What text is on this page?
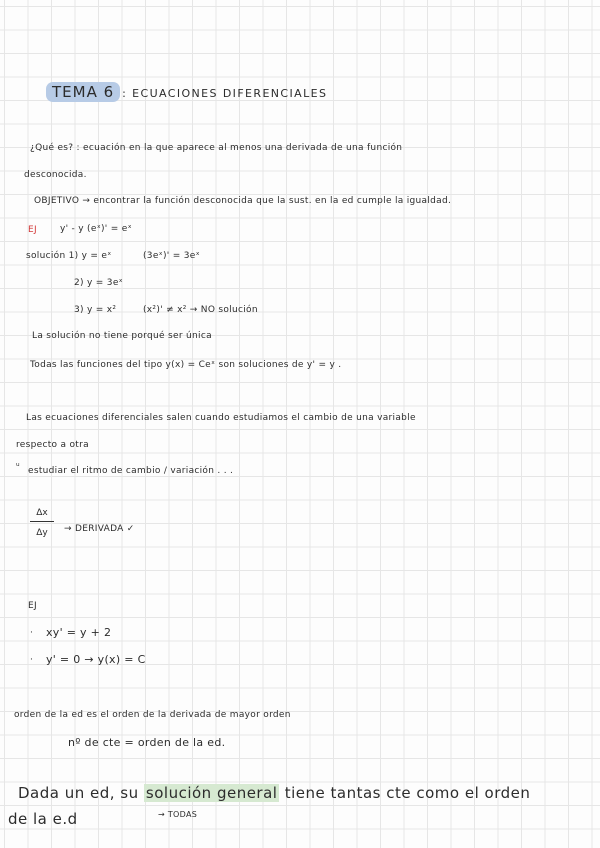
TEMA 6 : ECUACIONES DIFERENCIALES
¿Qué es? : ecuación en la que aparece al menos una derivada de una función
desconocida.
OBJETIVO → encontrar la función desconocida que la sust. en la ed cumple la igualdad.
EJ	y' - y (eˣ)' = eˣ
solución 1) y = eˣ	(3eˣ)' = 3eˣ
2) y = 3eˣ
3) y = x²	(x²)' ≠ x² → NO solución
La solución no tiene porqué ser única
Todas las funciones del tipo y(x) = Ceˣ son soluciones de y' = y .
Las ecuaciones diferenciales salen cuando estudiamos el cambio de una variable
respecto a otra
ᵘ estudiar el ritmo de cambio / variación . . .
$\frac{\Delta x}{\Delta y}$ → DERIVADA ✓
EJ
· xy' = y + 2
· y' = 0 → y(x) = C
orden de la ed es el orden de la derivada de mayor orden
nº de cte = orden de la ed.
Dada un ed, su solución general tiene tantas cte como el orden
de la e.d	→ TODAS
